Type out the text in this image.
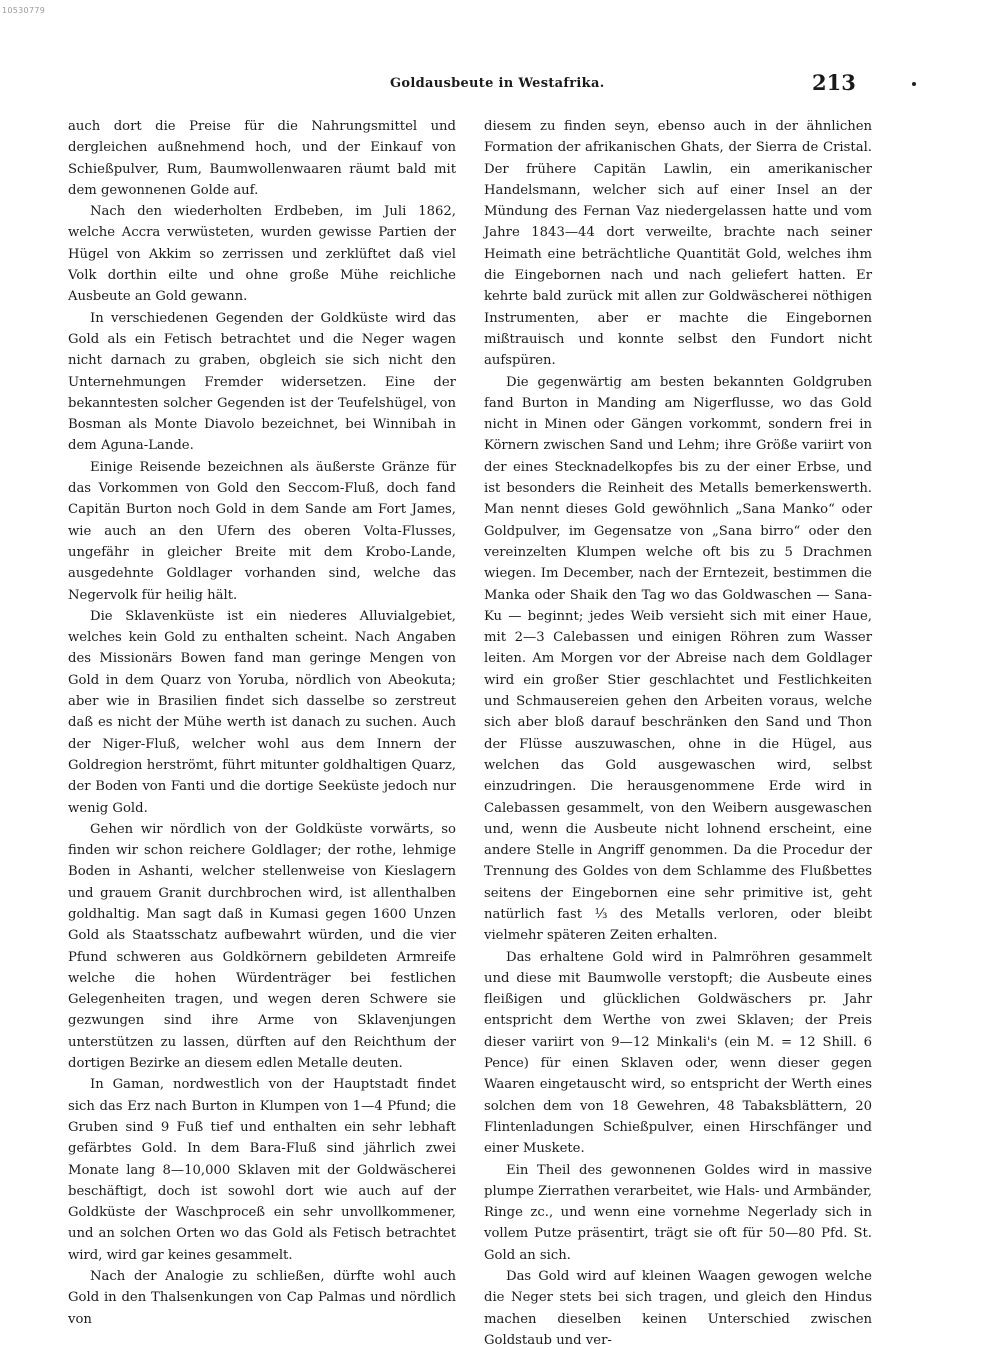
10530779
Goldausbeute in Westafrika.	213

auch dort die Preise für die Nahrungsmittel und dergleichen außnehmend hoch, und der Einkauf von Schießpulver, Rum, Baumwollenwaaren räumt bald mit dem gewonnenen Golde auf.

Nach den wiederholten Erdbeben, im Juli 1862, welche Accra verwüsteten, wurden gewisse Partien der Hügel von Akkim so zerrissen und zerklüftet daß viel Volk dorthin eilte und ohne große Mühe reichliche Ausbeute an Gold gewann.

In verschiedenen Gegenden der Goldküste wird das Gold als ein Fetisch betrachtet und die Neger wagen nicht darnach zu graben, obgleich sie sich nicht den Unternehmungen Fremder widersetzen. Eine der bekanntesten solcher Gegenden ist der Teufelshügel, von Bosman als Monte Diavolo bezeichnet, bei Winnibah in dem Aguna-Lande.

Einige Reisende bezeichnen als äußerste Gränze für das Vorkommen von Gold den Seccom-Fluß, doch fand Capitän Burton noch Gold in dem Sande am Fort James, wie auch an den Ufern des oberen Volta-Flusses, ungefähr in gleicher Breite mit dem Krobo-Lande, ausgedehnte Goldlager vorhanden sind, welche das Negervolk für heilig hält.

Die Sklavenküste ist ein niederes Alluvialgebiet, welches kein Gold zu enthalten scheint. Nach Angaben des Missionärs Bowen fand man geringe Mengen von Gold in dem Quarz von Yoruba, nördlich von Abeokuta; aber wie in Brasilien findet sich dasselbe so zerstreut daß es nicht der Mühe werth ist danach zu suchen. Auch der Niger-Fluß, welcher wohl aus dem Innern der Goldregion herströmt, führt mitunter goldhaltigen Quarz, der Boden von Fanti und die dortige Seeküste jedoch nur wenig Gold.

Gehen wir nördlich von der Goldküste vorwärts, so finden wir schon reichere Goldlager; der rothe, lehmige Boden in Ashanti, welcher stellenweise von Kieslagern und grauem Granit durchbrochen wird, ist allenthalben goldhaltig. Man sagt daß in Kumasi gegen 1600 Unzen Gold als Staatsschatz aufbewahrt würden, und die vier Pfund schweren aus Goldkörnern gebildeten Armreife welche die hohen Würdenträger bei festlichen Gelegenheiten tragen, und wegen deren Schwere sie gezwungen sind ihre Arme von Sklavenjungen unterstützen zu lassen, dürften auf den Reichthum der dortigen Bezirke an diesem edlen Metalle deuten.

In Gaman, nordwestlich von der Hauptstadt findet sich das Erz nach Burton in Klumpen von 1—4 Pfund; die Gruben sind 9 Fuß tief und enthalten ein sehr lebhaft gefärbtes Gold. In dem Bara-Fluß sind jährlich zwei Monate lang 8—10,000 Sklaven mit der Goldwäscherei beschäftigt, doch ist sowohl dort wie auch auf der Goldküste der Waschproceß ein sehr unvollkommener, und an solchen Orten wo das Gold als Fetisch betrachtet wird, wird gar keines gesammelt.

Nach der Analogie zu schließen, dürfte wohl auch Gold in den Thalsenkungen von Cap Palmas und nördlich von

diesem zu finden seyn, ebenso auch in der ähnlichen Formation der afrikanischen Ghats, der Sierra de Cristal. Der frühere Capitän Lawlin, ein amerikanischer Handelsmann, welcher sich auf einer Insel an der Mündung des Fernan Vaz niedergelassen hatte und vom Jahre 1843—44 dort verweilte, brachte nach seiner Heimath eine beträchtliche Quantität Gold, welches ihm die Eingebornen nach und nach geliefert hatten. Er kehrte bald zurück mit allen zur Goldwäscherei nöthigen Instrumenten, aber er machte die Eingebornen mißtrauisch und konnte selbst den Fundort nicht aufspüren.

Die gegenwärtig am besten bekannten Goldgruben fand Burton in Manding am Nigerflusse, wo das Gold nicht in Minen oder Gängen vorkommt, sondern frei in Körnern zwischen Sand und Lehm; ihre Größe variirt von der eines Stecknadelkopfes bis zu der einer Erbse, und ist besonders die Reinheit des Metalls bemerkenswerth. Man nennt dieses Gold gewöhnlich „Sana Manko“ oder Goldpulver, im Gegensatze von „Sana birro“ oder den vereinzelten Klumpen welche oft bis zu 5 Drachmen wiegen. Im December, nach der Erntezeit, bestimmen die Manka oder Shaik den Tag wo das Goldwaschen — Sana-Ku — beginnt; jedes Weib versieht sich mit einer Haue, mit 2—3 Calebassen und einigen Röhren zum Wasser leiten. Am Morgen vor der Abreise nach dem Goldlager wird ein großer Stier geschlachtet und Festlichkeiten und Schmausereien gehen den Arbeiten voraus, welche sich aber bloß darauf beschränken den Sand und Thon der Flüsse auszuwaschen, ohne in die Hügel, aus welchen das Gold ausgewaschen wird, selbst einzudringen. Die herausgenommene Erde wird in Calebassen gesammelt, von den Weibern ausgewaschen und, wenn die Ausbeute nicht lohnend erscheint, eine andere Stelle in Angriff genommen. Da die Procedur der Trennung des Goldes von dem Schlamme des Flußbettes seitens der Eingebornen eine sehr primitive ist, geht natürlich fast ⅓ des Metalls verloren, oder bleibt vielmehr späteren Zeiten erhalten.

Das erhaltene Gold wird in Palmröhren gesammelt und diese mit Baumwolle verstopft; die Ausbeute eines fleißigen und glücklichen Goldwäschers pr. Jahr entspricht dem Werthe von zwei Sklaven; der Preis dieser variirt von 9—12 Minkali's (ein M. = 12 Shill. 6 Pence) für einen Sklaven oder, wenn dieser gegen Waaren eingetauscht wird, so entspricht der Werth eines solchen dem von 18 Gewehren, 48 Tabaksblättern, 20 Flintenladungen Schießpulver, einen Hirschfänger und einer Muskete.

Ein Theil des gewonnenen Goldes wird in massive plumpe Zierrathen verarbeitet, wie Hals- und Armbänder, Ringe zc., und wenn eine vornehme Negerlady sich in vollem Putze präsentirt, trägt sie oft für 50—80 Pfd. St. Gold an sich.

Das Gold wird auf kleinen Waagen gewogen welche die Neger stets bei sich tragen, und gleich den Hindus machen dieselben keinen Unterschied zwischen Goldstaub und ver-
